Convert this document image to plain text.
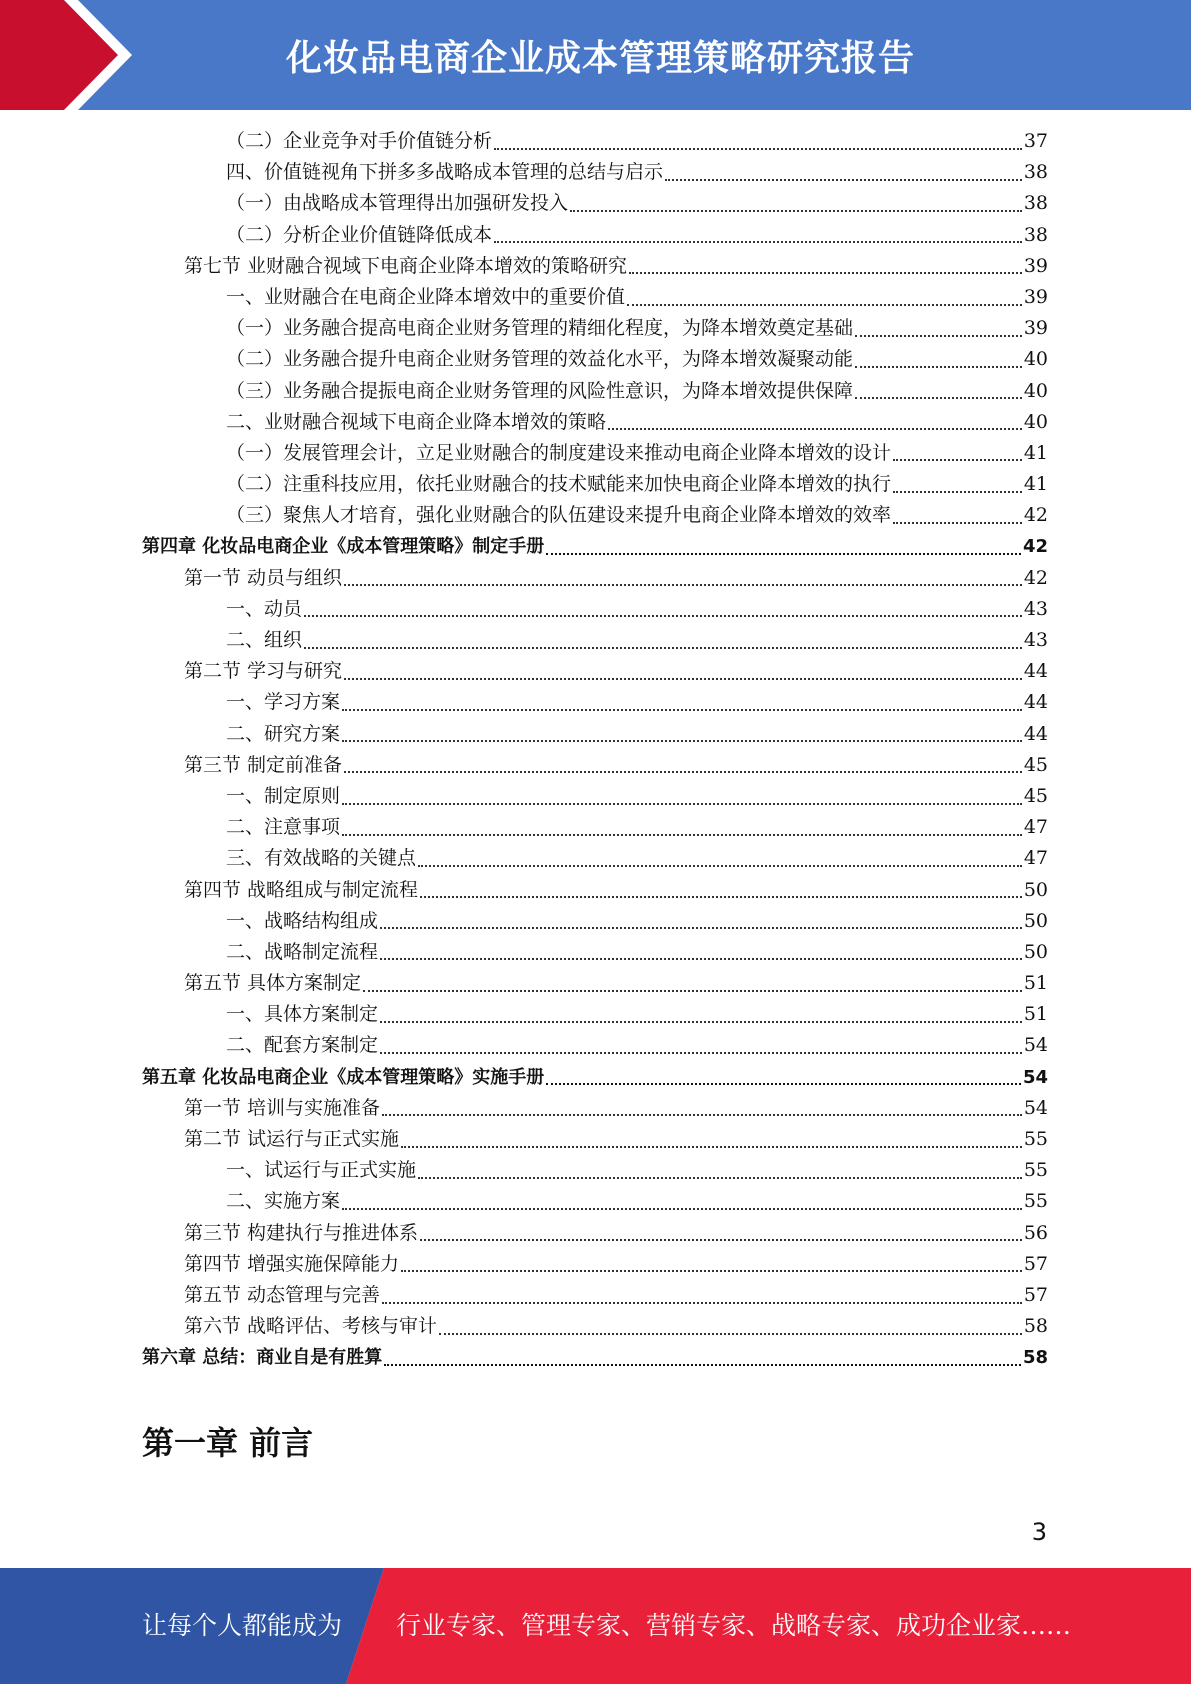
化妆品电商企业成本管理策略研究报告
（二）企业竞争对手价值链分析	37
四、价值链视角下拼多多战略成本管理的总结与启示	38
（一）由战略成本管理得出加强研发投入	38
（二）分析企业价值链降低成本	38
第七节 业财融合视域下电商企业降本增效的策略研究	39
一、业财融合在电商企业降本增效中的重要价值	39
（一）业务融合提高电商企业财务管理的精细化程度，为降本增效奠定基础	39
（二）业务融合提升电商企业财务管理的效益化水平，为降本增效凝聚动能	40
（三）业务融合提振电商企业财务管理的风险性意识，为降本增效提供保障	40
二、业财融合视域下电商企业降本增效的策略	40
（一）发展管理会计，立足业财融合的制度建设来推动电商企业降本增效的设计	41
（二）注重科技应用，依托业财融合的技术赋能来加快电商企业降本增效的执行	41
（三）聚焦人才培育，强化业财融合的队伍建设来提升电商企业降本增效的效率	42
第四章 化妆品电商企业《成本管理策略》制定手册	42
第一节 动员与组织	42
一、动员	43
二、组织	43
第二节 学习与研究	44
一、学习方案	44
二、研究方案	44
第三节 制定前准备	45
一、制定原则	45
二、注意事项	47
三、有效战略的关键点	47
第四节 战略组成与制定流程	50
一、战略结构组成	50
二、战略制定流程	50
第五节 具体方案制定	51
一、具体方案制定	51
二、配套方案制定	54
第五章 化妆品电商企业《成本管理策略》实施手册	54
第一节 培训与实施准备	54
第二节 试运行与正式实施	55
一、试运行与正式实施	55
二、实施方案	55
第三节 构建执行与推进体系	56
第四节 增强实施保障能力	57
第五节 动态管理与完善	57
第六节 战略评估、考核与审计	58
第六章 总结：商业自是有胜算	58
第一章 前言
3
让每个人都能成为 行业专家、管理专家、营销专家、战略专家、成功企业家……
